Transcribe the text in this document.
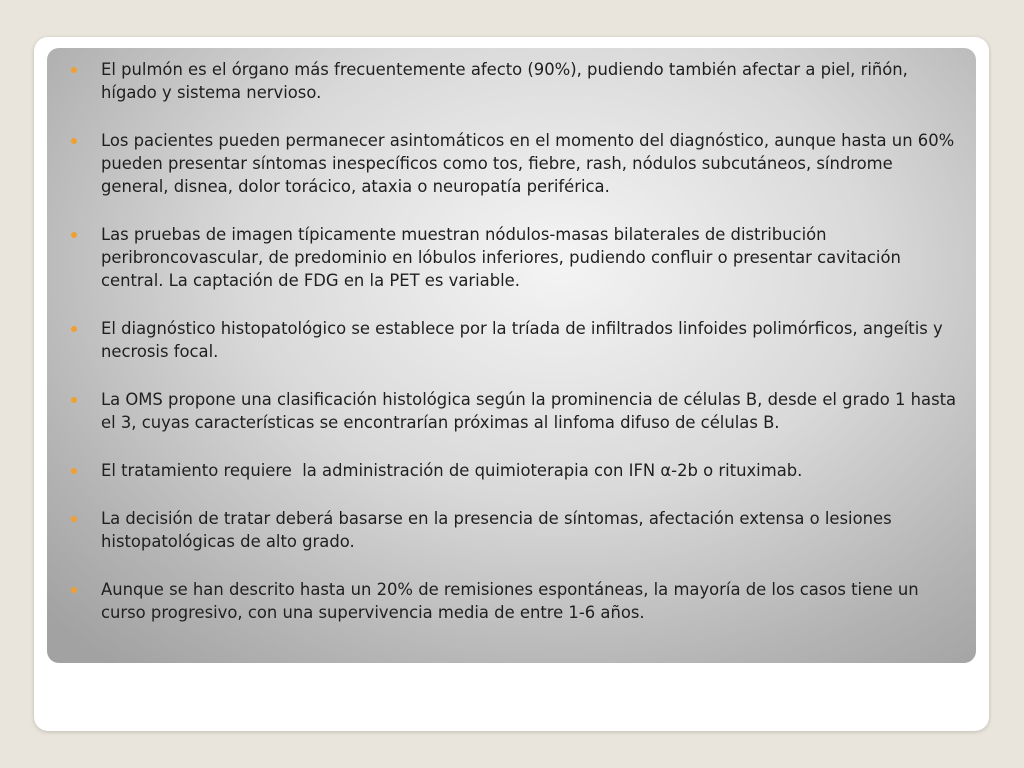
El pulmón es el órgano más frecuentemente afecto (90%), pudiendo también afectar a piel, riñón, hígado y sistema nervioso.
Los pacientes pueden permanecer asintomáticos en el momento del diagnóstico, aunque hasta un 60% pueden presentar síntomas inespecíficos como tos, fiebre, rash, nódulos subcutáneos, síndrome general, disnea, dolor torácico, ataxia o neuropatía periférica.
Las pruebas de imagen típicamente muestran nódulos-masas bilaterales de distribución peribroncovascular, de predominio en lóbulos inferiores, pudiendo confluir o presentar cavitación central. La captación de FDG en la PET es variable.
El diagnóstico histopatológico se establece por la tríada de infiltrados linfoides polimórficos, angeítis y necrosis focal.
La OMS propone una clasificación histológica según la prominencia de células B, desde el grado 1 hasta el 3, cuyas características se encontrarían próximas al linfoma difuso de células B.
El tratamiento requiere  la administración de quimioterapia con IFN α-2b o rituximab.
La decisión de tratar deberá basarse en la presencia de síntomas, afectación extensa o lesiones histopatológicas de alto grado.
Aunque se han descrito hasta un 20% de remisiones espontáneas, la mayoría de los casos tiene un curso progresivo, con una supervivencia media de entre 1-6 años.
